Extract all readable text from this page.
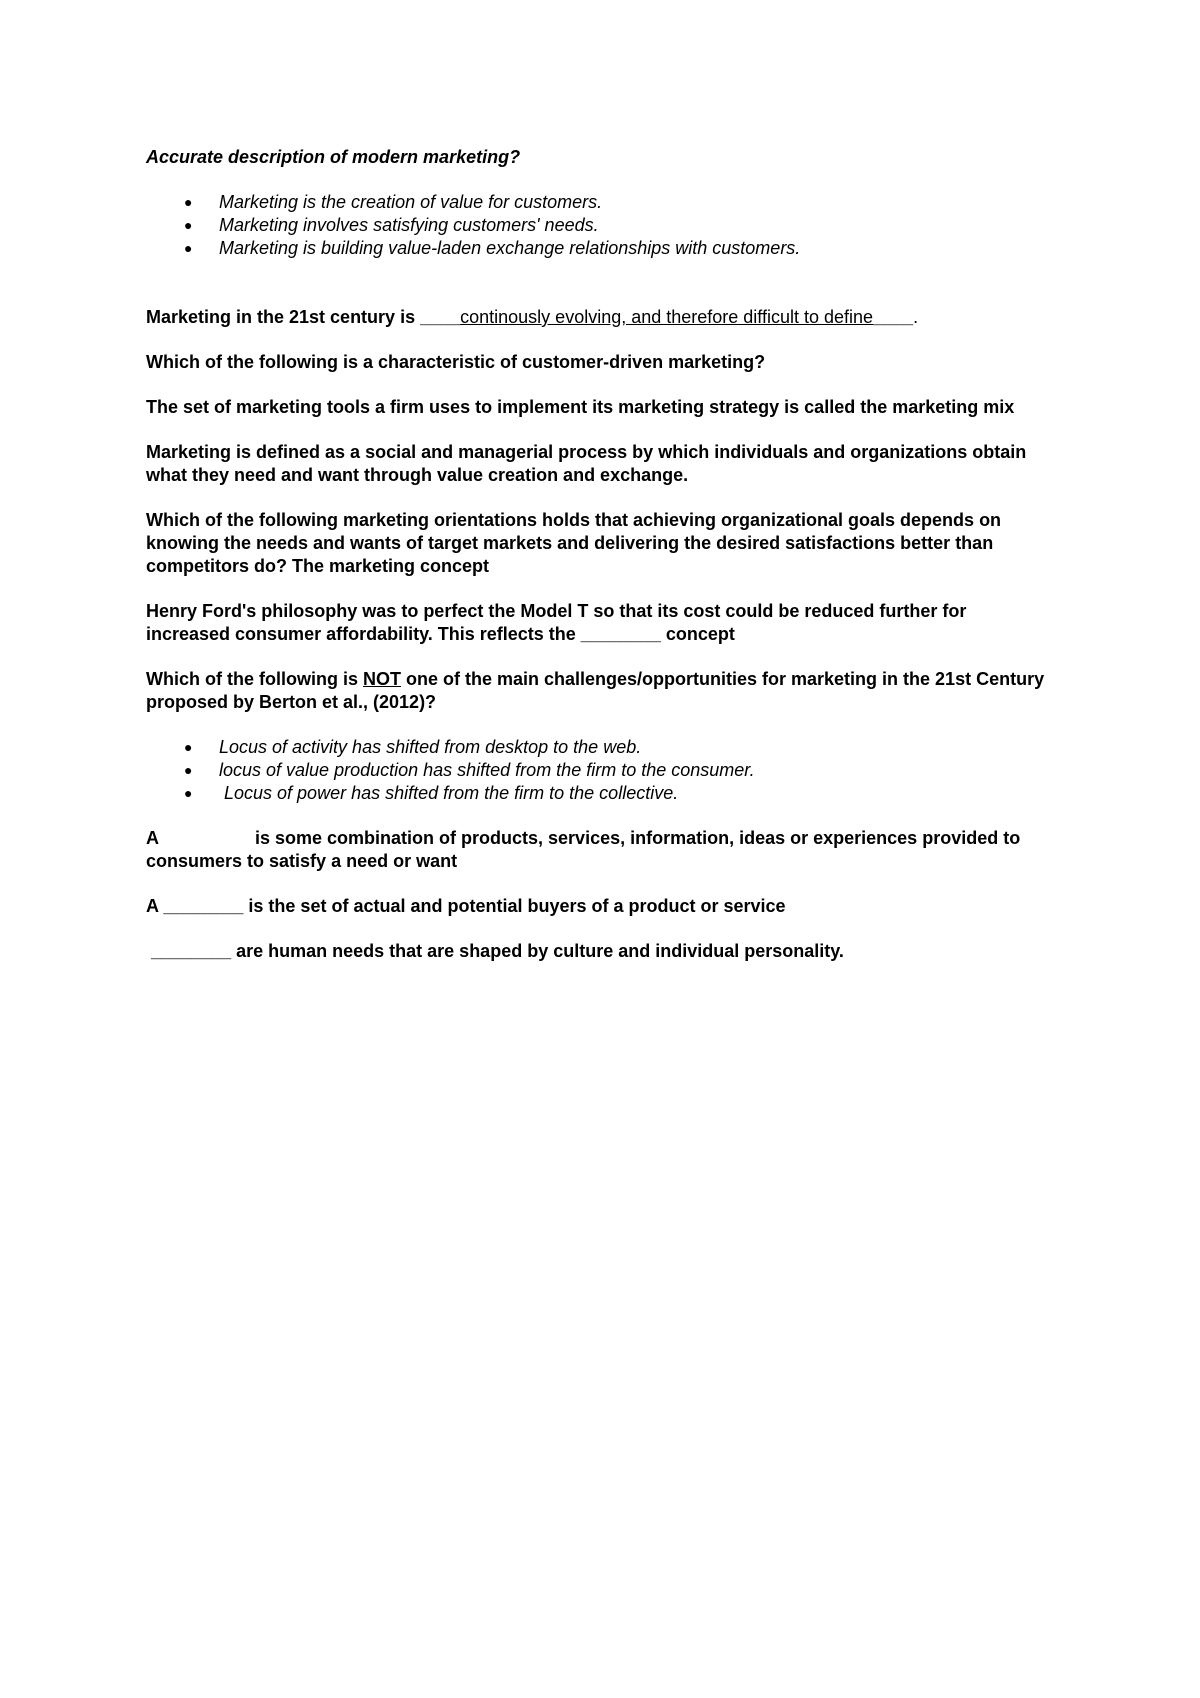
Accurate description of modern marketing?

● Marketing is the creation of value for customers.
● Marketing involves satisfying customers' needs.
● Marketing is building value-laden exchange relationships with customers.

Marketing in the 21st century is ____continously evolving, and therefore difficult to define____.

Which of the following is a characteristic of customer-driven marketing?

The set of marketing tools a firm uses to implement its marketing strategy is called the marketing mix

Marketing is defined as a social and managerial process by which individuals and organizations obtain what they need and want through value creation and exchange.

Which of the following marketing orientations holds that achieving organizational goals depends on knowing the needs and wants of target markets and delivering the desired satisfactions better than competitors do? The marketing concept

Henry Ford's philosophy was to perfect the Model T so that its cost could be reduced further for increased consumer affordability. This reflects the ________ concept

Which of the following is NOT one of the main challenges/opportunities for marketing in the 21st Century proposed by Berton et al., (2012)?

● Locus of activity has shifted from desktop to the web.
● locus of value production has shifted from the firm to the consumer.
● Locus of power has shifted from the firm to the collective.

A	is some combination of products, services, information, ideas or experiences provided to consumers to satisfy a need or want

A ________ is the set of actual and potential buyers of a product or service

________ are human needs that are shaped by culture and individual personality.
